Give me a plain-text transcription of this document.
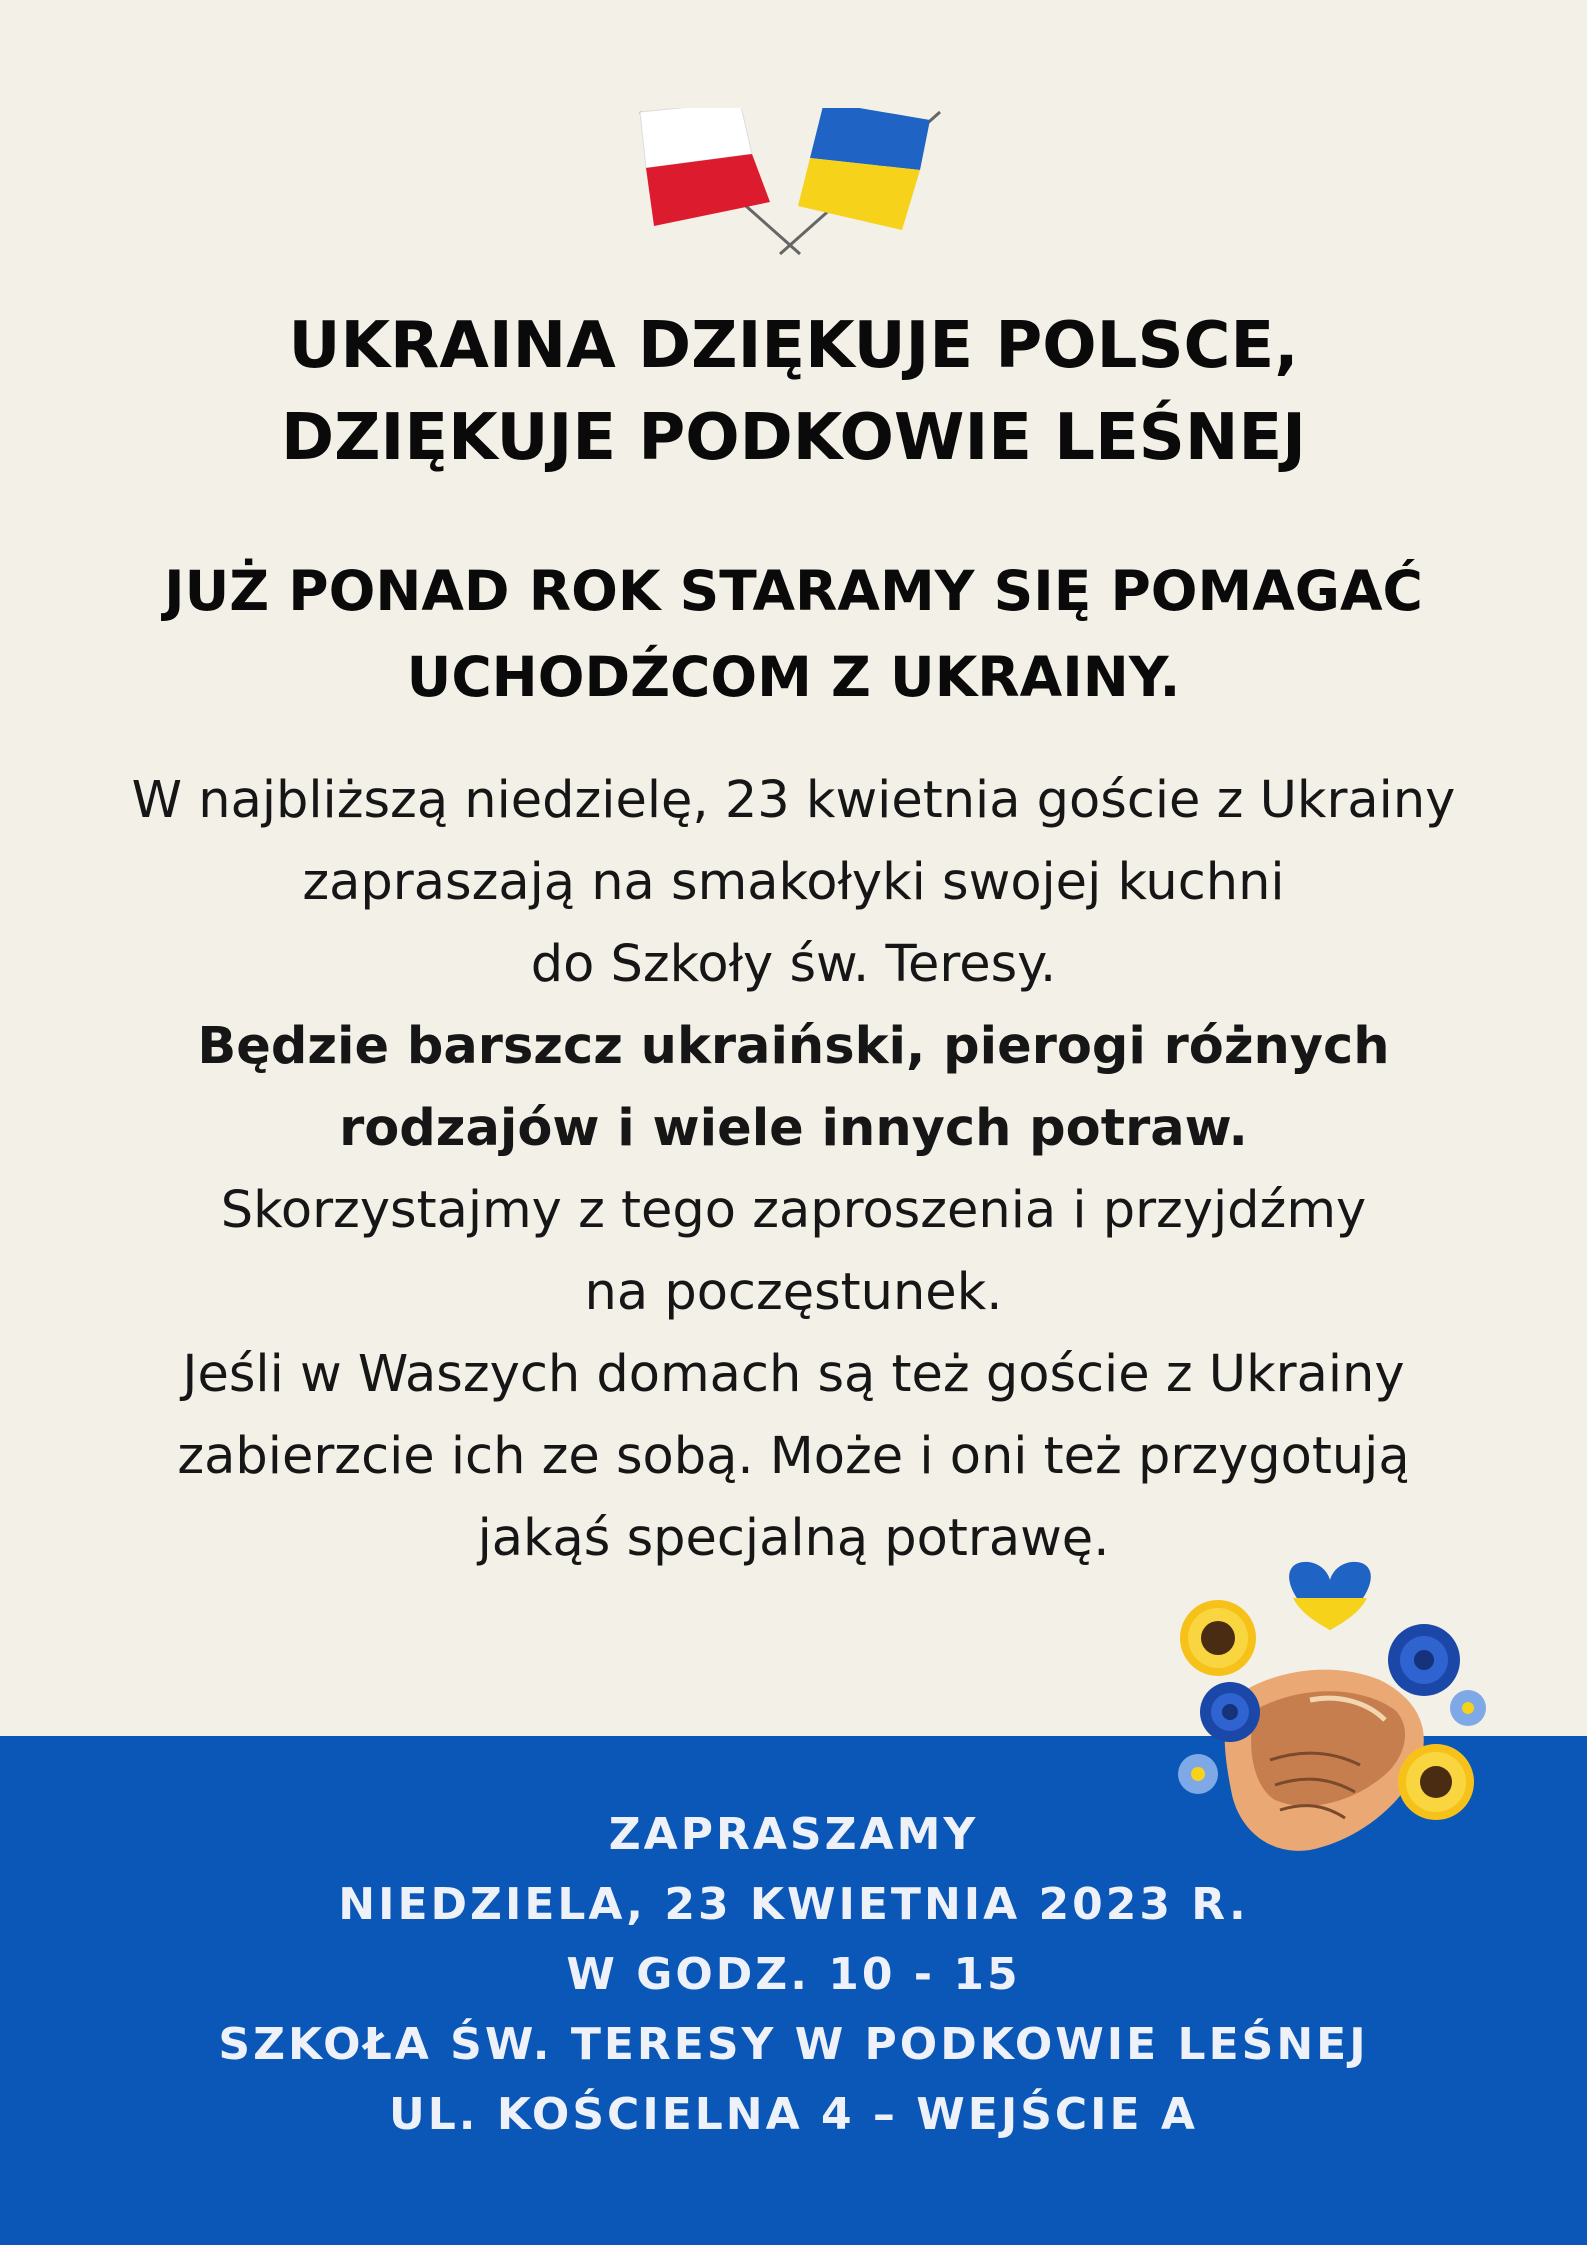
UKRAINA DZIĘKUJE POLSCE,
DZIĘKUJE PODKOWIE LEŚNEJ
JUŻ PONAD ROK STARAMY SIĘ POMAGAĆ
UCHODŹCOM Z UKRAINY.
W najbliższą niedzielę, 23 kwietnia goście z Ukrainy
zapraszają na smakołyki swojej kuchni
do Szkoły św. Teresy.
Będzie barszcz ukraiński, pierogi różnych
rodzajów i wiele innych potraw.
Skorzystajmy z tego zaproszenia i przyjdźmy
na poczęstunek.
Jeśli w Waszych domach są też goście z Ukrainy
zabierzcie ich ze sobą. Może i oni też przygotują
jakąś specjalną potrawę.
ZAPRASZAMY
NIEDZIELA, 23 KWIETNIA 2023 R.
W GODZ. 10 - 15
SZKOŁA ŚW. TERESY W PODKOWIE LEŚNEJ
UL. KOŚCIELNA 4 – WEJŚCIE A
